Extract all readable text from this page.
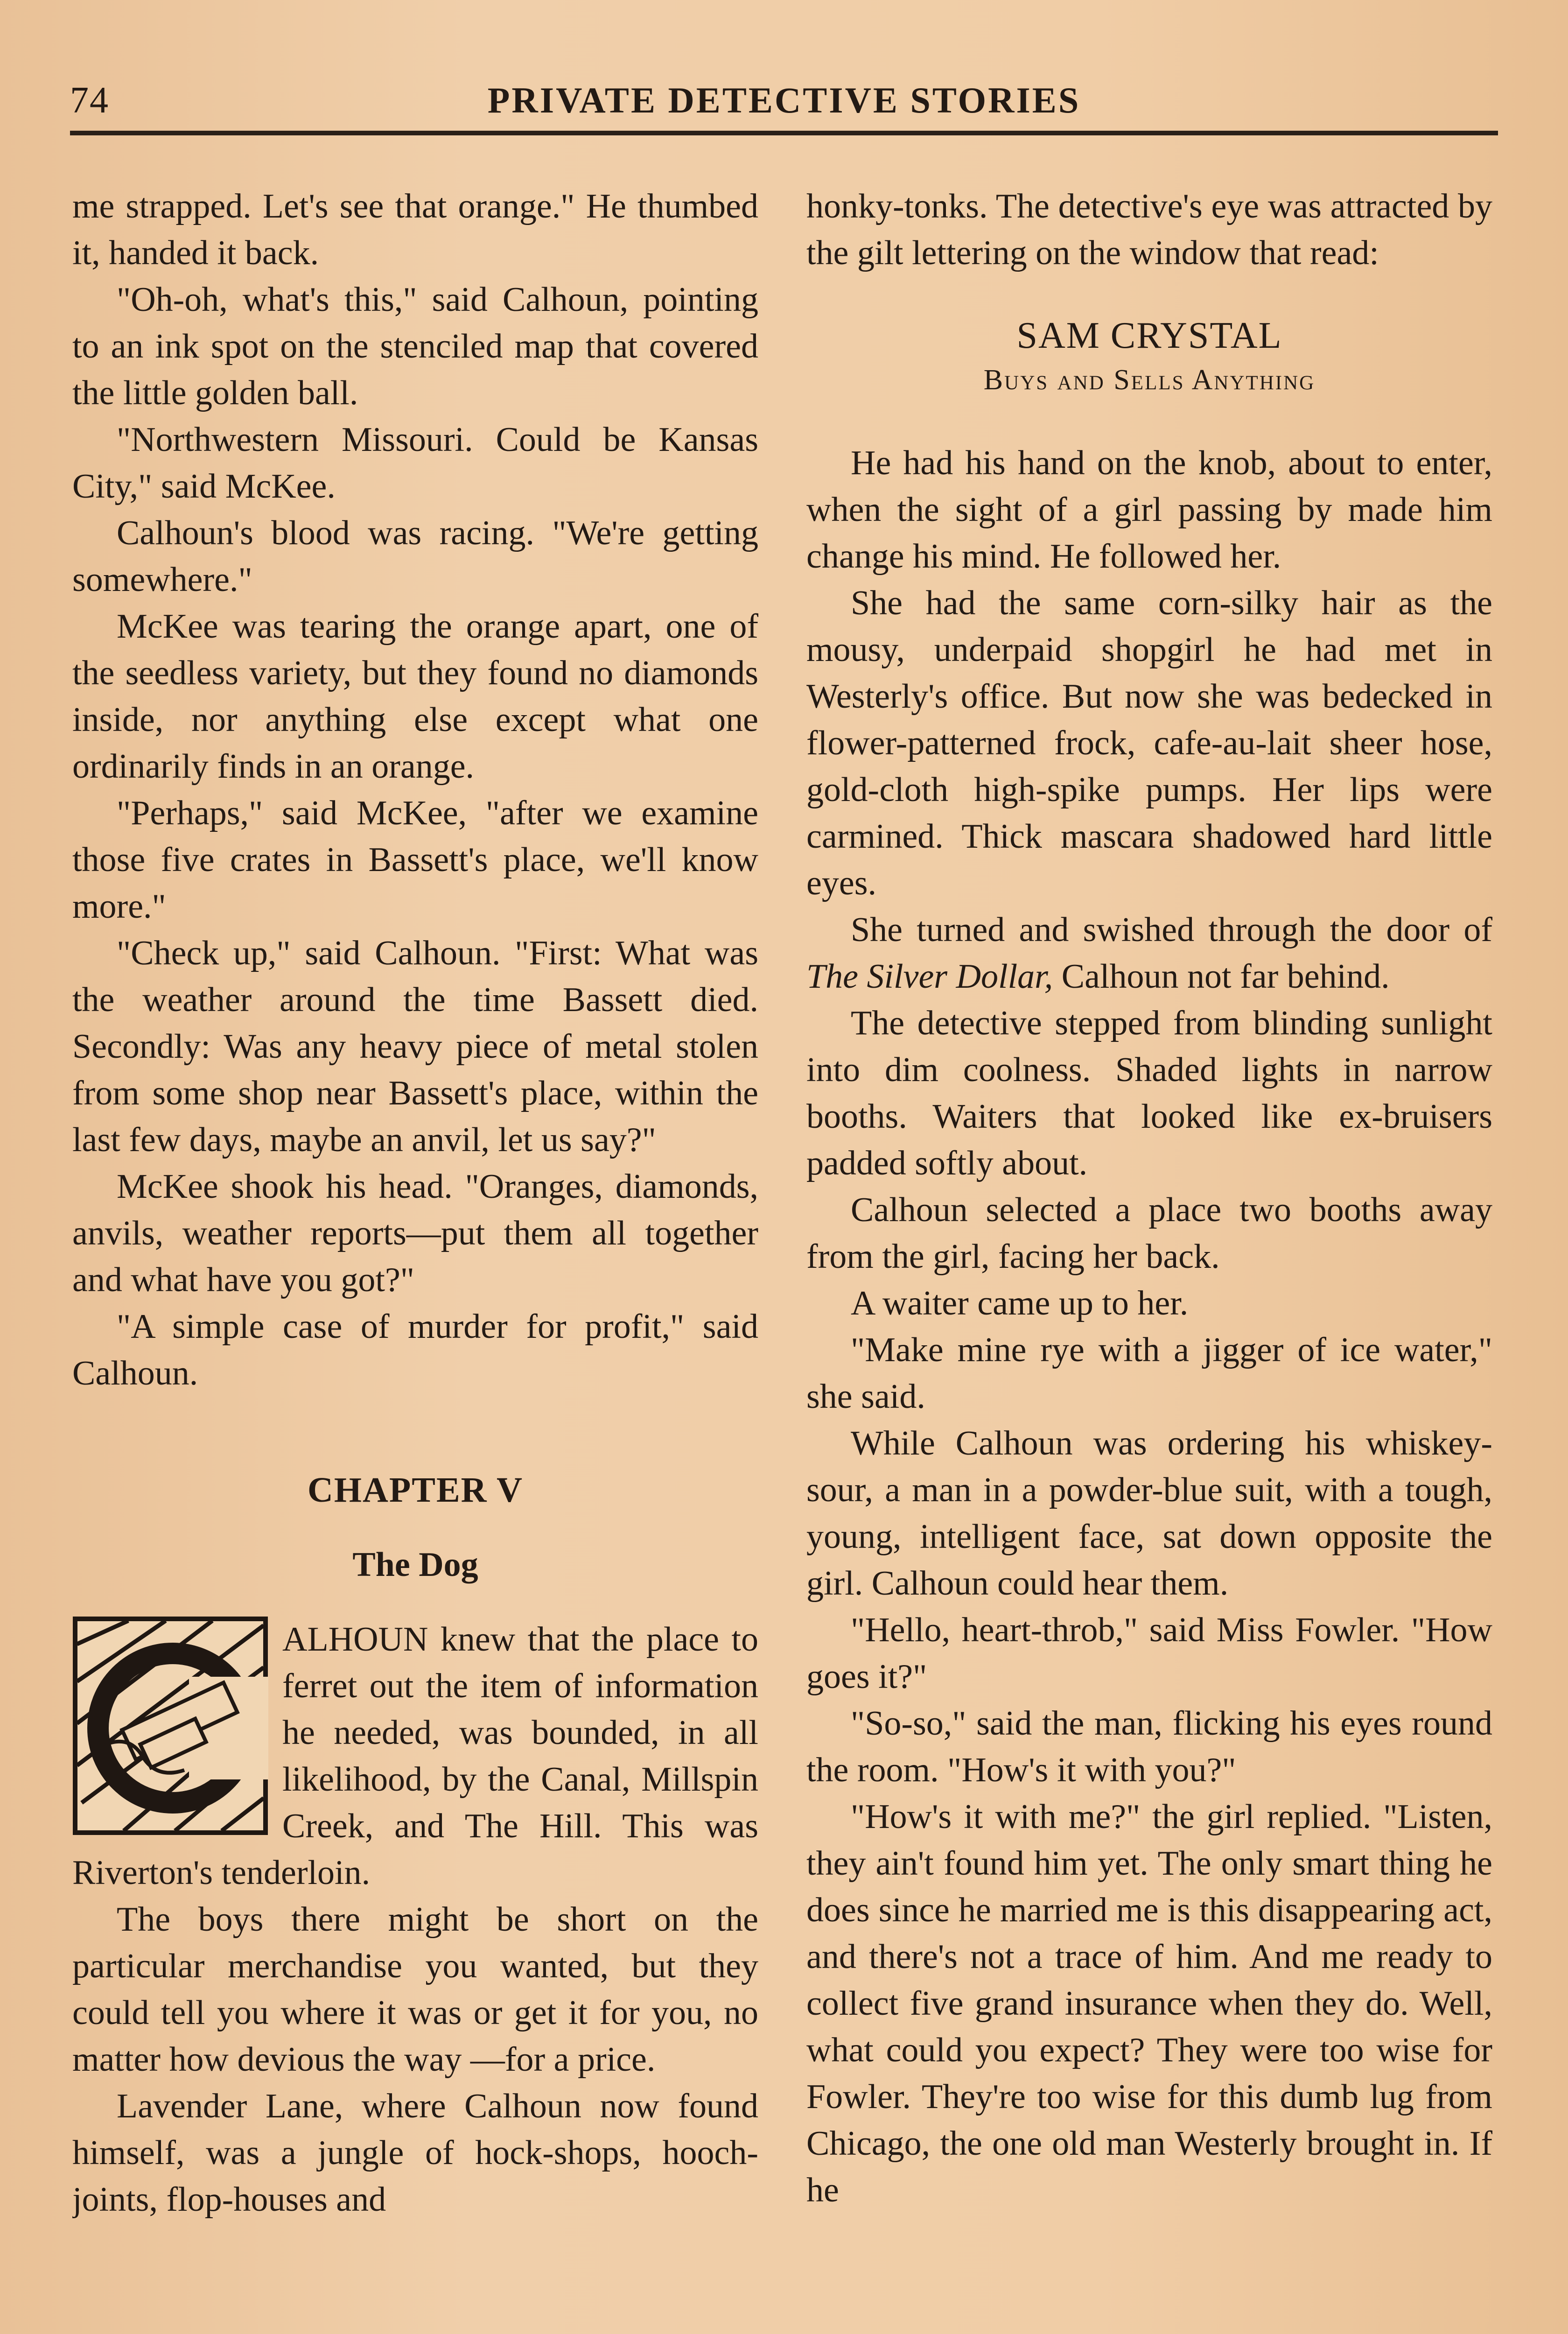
74	PRIVATE DETECTIVE STORIES

me strapped. Let's see that orange." He thumbed it, handed it back.

"Oh-oh, what's this," said Calhoun, pointing to an ink spot on the stenciled map that covered the little golden ball.

"Northwestern Missouri. Could be Kansas City," said McKee.

Calhoun's blood was racing. "We're getting somewhere."

McKee was tearing the orange apart, one of the seedless variety, but they found no diamonds inside, nor anything else except what one ordinarily finds in an orange.

"Perhaps," said McKee, "after we examine those five crates in Bassett's place, we'll know more."

"Check up," said Calhoun. "First: What was the weather around the time Bassett died. Secondly: Was any heavy piece of metal stolen from some shop near Bassett's place, within the last few days, maybe an anvil, let us say?"

McKee shook his head. "Oranges, diamonds, anvils, weather reports—put them all together and what have you got?"

"A simple case of murder for profit," said Calhoun.

CHAPTER V
The Dog

ALHOUN knew that the place to ferret out the item of information he needed, was bounded, in all likelihood, by the Canal, Millspin Creek, and The Hill. This was Riverton's tenderloin.

The boys there might be short on the particular merchandise you wanted, but they could tell you where it was or get it for you, no matter how devious the way —for a price.

Lavender Lane, where Calhoun now found himself, was a jungle of hock-shops, hooch-joints, flop-houses and

honky-tonks. The detective's eye was attracted by the gilt lettering on the window that read:

SAM CRYSTAL
Buys and Sells Anything

He had his hand on the knob, about to enter, when the sight of a girl passing by made him change his mind. He followed her.

She had the same corn-silky hair as the mousy, underpaid shopgirl he had met in Westerly's office. But now she was bedecked in flower-patterned frock, cafe-au-lait sheer hose, gold-cloth high-spike pumps. Her lips were carmined. Thick mascara shadowed hard little eyes.

She turned and swished through the door of The Silver Dollar, Calhoun not far behind.

The detective stepped from blinding sunlight into dim coolness. Shaded lights in narrow booths. Waiters that looked like ex-bruisers padded softly about.

Calhoun selected a place two booths away from the girl, facing her back.

A waiter came up to her.

"Make mine rye with a jigger of ice water," she said.

While Calhoun was ordering his whiskey-sour, a man in a powder-blue suit, with a tough, young, intelligent face, sat down opposite the girl. Calhoun could hear them.

"Hello, heart-throb," said Miss Fowler. "How goes it?"

"So-so," said the man, flicking his eyes round the room. "How's it with you?"

"How's it with me?" the girl replied. "Listen, they ain't found him yet. The only smart thing he does since he married me is this disappearing act, and there's not a trace of him. And me ready to collect five grand insurance when they do. Well, what could you expect? They were too wise for Fowler. They're too wise for this dumb lug from Chicago, the one old man Westerly brought in. If he
